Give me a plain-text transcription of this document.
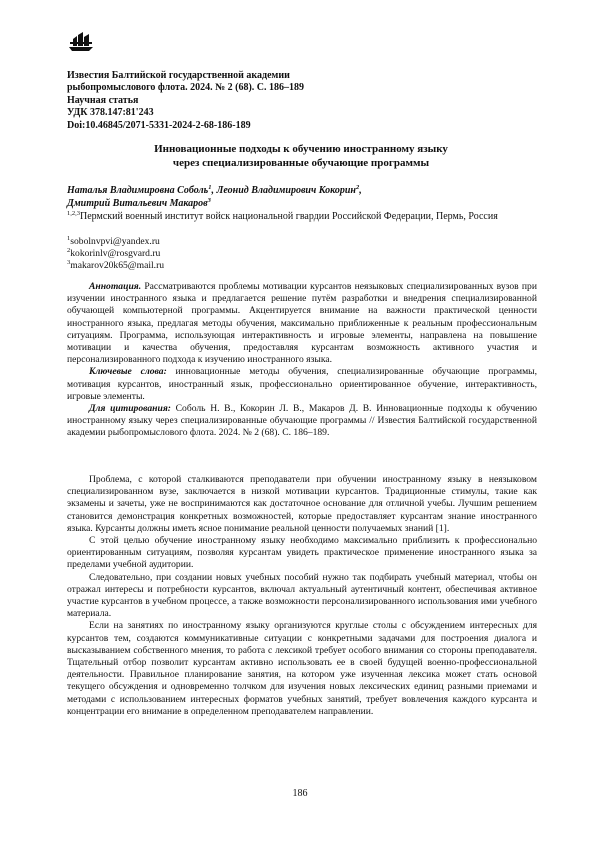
Известия Балтийской государственной академии
рыбопромыслового флота. 2024. № 2 (68). С. 186–189
Научная статья
УДК 378.147:81'243
Doi:10.46845/2071-5331-2024-2-68-186-189
Инновационные подходы к обучению иностранному языку
через специализированные обучающие программы
Наталья Владимировна Соболь$^1$, Леонид Владимирович Кокорин$^2$,
Дмитрий Витальевич Макаров$^3$
$^{1,2,3}$Пермский военный институт войск национальной гвардии Российской Федерации, Пермь, Россия
$^1$sobolnvpvi@yandex.ru
$^2$kokorinlv@rosgvard.ru
$^3$makarov20k65@mail.ru

Аннотация. Рассматриваются проблемы мотивации курсантов неязыковых специализированных вузов при изучении иностранного языка и предлагается решение путём разработки и внедрения специализированной обучающей компьютерной программы. Акцентируется внимание на важности практической ценности иностранного языка, предлагая методы обучения, максимально приближенные к реальным профессиональным ситуациям. Программа, использующая интерактивность и игровые элементы, направлена на повышение мотивации и качества обучения, предоставляя курсантам возможность активного участия и персонализированного подхода к изучению иностранного языка.

Ключевые слова: инновационные методы обучения, специализированные обучающие программы, мотивация курсантов, иностранный язык, профессионально ориентированное обучение, интерактивность, игровые элементы.

Для цитирования: Соболь Н. В., Кокорин Л. В., Макаров Д. В. Инновационные подходы к обучению иностранному языку через специализированные обучающие программы // Известия Балтийской государственной академии рыбопромыслового флота. 2024. № 2 (68). С. 186–189.

Проблема, с которой сталкиваются преподаватели при обучении иностранному языку в неязыковом специализированном вузе, заключается в низкой мотивации курсантов. Традиционные стимулы, такие как экзамены и зачеты, уже не воспринимаются как достаточное основание для отличной учебы. Лучшим решением становится демонстрация конкретных возможностей, которые предоставляет курсантам знание иностранного языка. Курсанты должны иметь ясное понимание реальной ценности получаемых знаний [1].

С этой целью обучение иностранному языку необходимо максимально приблизить к профессионально ориентированным ситуациям, позволяя курсантам увидеть практическое применение иностранного языка за пределами учебной аудитории.

Следовательно, при создании новых учебных пособий нужно так подбирать учебный материал, чтобы он отражал интересы и потребности курсантов, включал актуальный аутентичный контент, обеспечивая активное участие курсантов в учебном процессе, а также возможности персонализированного использования ими учебного материала.

Если на занятиях по иностранному языку организуются круглые столы с обсуждением интересных для курсантов тем, создаются коммуникативные ситуации с конкретными задачами для построения диалога и высказыванием собственного мнения, то работа с лексикой требует особого внимания со стороны преподавателя. Тщательный отбор позволит курсантам активно использовать ее в своей будущей военно-профессиональной деятельности. Правильное планирование занятия, на котором уже изученная лексика может стать основой текущего обсуждения и одновременно толчком для изучения новых лексических единиц разными приемами и методами с использованием интересных форматов учебных занятий, требует вовлечения каждого курсанта и концентрации его внимание в определенном преподавателем направлении.

186
